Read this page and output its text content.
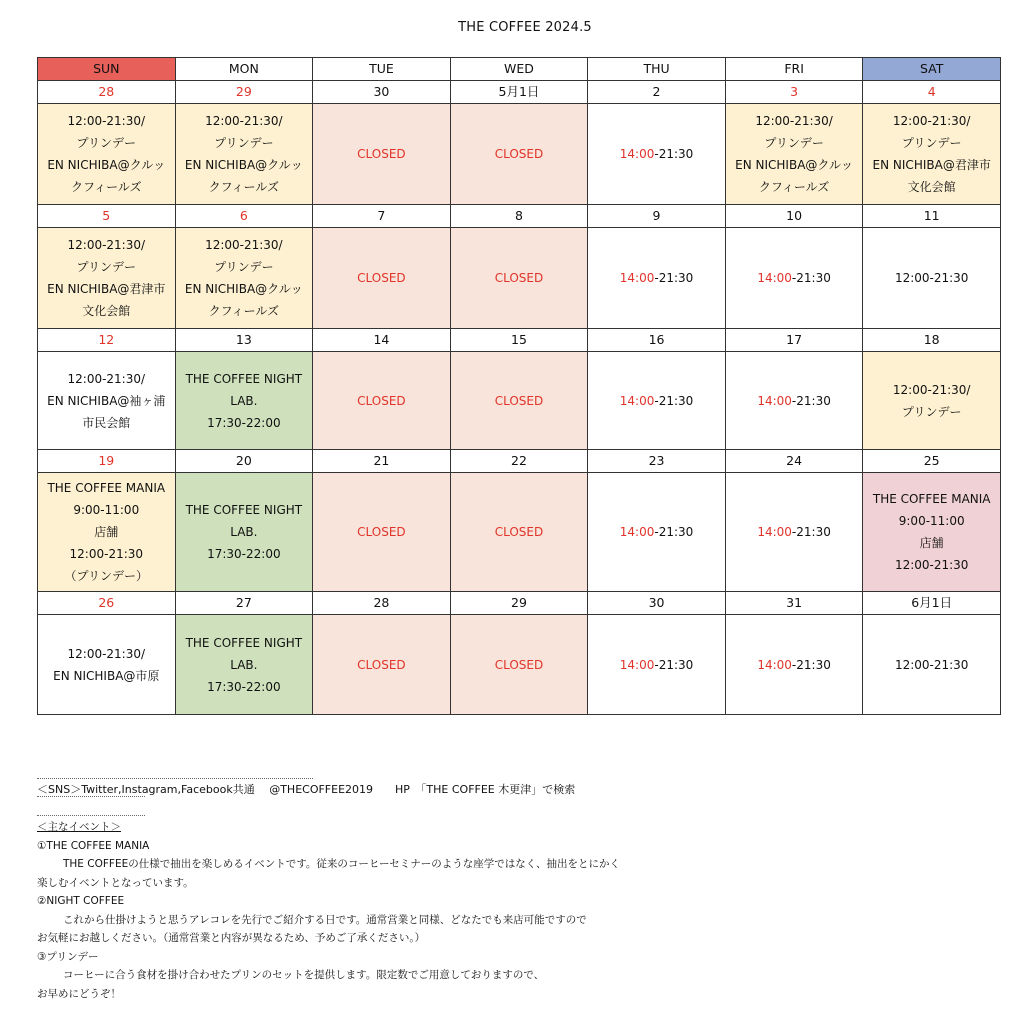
THE COFFEE 2024.5
SUN	MON	TUE	WED	THU	FRI	SAT
28	29	30	5月1日	2	3	4

12:00-21:30/
プリンデー
EN NICHIBA@クルッ
クフィールズ	12:00-21:30/
プリンデー
EN NICHIBA@クルッ
クフィールズ	CLOSED	CLOSED	14:00-21:30	12:00-21:30/
プリンデー
EN NICHIBA@クルッ
クフィールズ	12:00-21:30/
プリンデー
EN NICHIBA@君津市
文化会館

5	6	7	8	9	10	11

12:00-21:30/
プリンデー
EN NICHIBA@君津市
文化会館	12:00-21:30/
プリンデー
EN NICHIBA@クルッ
クフィールズ	CLOSED	CLOSED	14:00-21:30	14:00-21:30	12:00-21:30

12	13	14	15	16	17	18

12:00-21:30/
EN NICHIBA@袖ヶ浦
市民会館	THE COFFEE NIGHT
LAB.
17:30-22:00	CLOSED	CLOSED	14:00-21:30	14:00-21:30	12:00-21:30/
プリンデー

19	20	21	22	23	24	25

THE COFFEE MANIA
9:00-11:00
店舗
12:00-21:30
（プリンデー）	THE COFFEE NIGHT
LAB.
17:30-22:00	CLOSED	CLOSED	14:00-21:30	14:00-21:30	THE COFFEE MANIA
9:00-11:00
店舗
12:00-21:30

26	27	28	29	30	31	6月1日

12:00-21:30/
EN NICHIBA@市原	THE COFFEE NIGHT
LAB.
17:30-22:00	CLOSED	CLOSED	14:00-21:30	14:00-21:30	12:00-21:30
＜SNS＞Twitter,Instagram,Facebook共通　 @THECOFFEE2019　　HP　「THE COFFEE 木更津」で検索
＜主なイベント＞
①THE COFFEE MANIA
THE COFFEEの仕様で抽出を楽しめるイベントです。従来のコーヒーセミナーのような座学ではなく、抽出をとにかく
楽しむイベントとなっています。
②NIGHT COFFEE
これから仕掛けようと思うアレコレを先行でご紹介する日です。通常営業と同様、どなたでも来店可能ですので
お気軽にお越しください。（通常営業と内容が異なるため、予めご了承ください。）
③プリンデー
コーヒーに合う食材を掛け合わせたプリンのセットを提供します。限定数でご用意しておりますので、
お早めにどうぞ！
